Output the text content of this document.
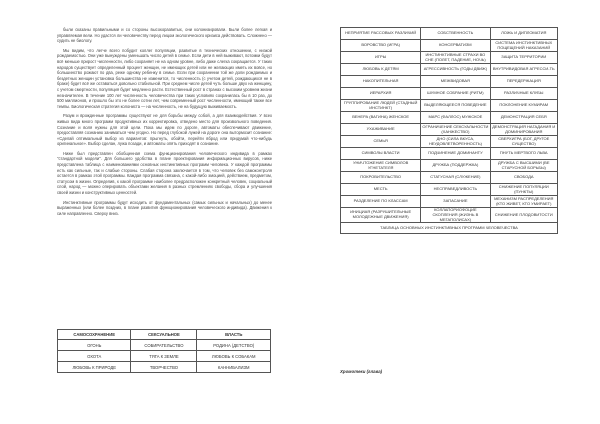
были сказаны правильными и со стороны высокоразвитых, они колонизировали. Были более легкая и управляемая вели. Но удастся ли человечеству перед лицом экологического кризиса действовать. Сложнено — судить не биологу.

Мы видим, что легче всего побудит коллег популяции, развитые в технических отношении, с низкой рождаемостью. Они уже вынуждены уменьшать число детей в семье. Если дети в ней выживают, потомки будут всё меньше прирост численности, либо сохраняет не на одном уровне, либо даже слегка сокращается. У таких народов существует определенный процент женщин, не имеющих детей или не желающих иметь их вовсе, но большинство рожают по два, реже одному ребенку в семье. Если при сохранении той же доли рождаемых и бездетных женщин установка большинства не изменится, то численность (с учетом детей, рождающихся не в браке) будет всё же оставаться довольно стабильной. При среднем числе детей чуть больше двух на женщину, с учетом смертности, популяция будет медленно расти. Естественный рост в странах с высоким уровнем жизни незначителен. В течение 100 лет численность человечества при таких условиях сохранилась бы в 10 раз, до 500 миллионов, и прошло бы это не более сотни лет, чем современный рост численности, имеющий также все темпы. Биологическая стратегия колониста — на численность, не на будущую выживаемость.

Разум и врожденные программы существуют не для борьбы между собой, а для взаимодействия. У всех живых вида много программ продуктивных их корректировка, отведено место для произвольного поведения. Сознание и воля нужны для этой цели. Пока мы идем по дороге, автоматы обеспечивают движение, предоставляя сознанию заниматься чем угодно. Но перед глубокой лужей на дороге она вытормозит сознание: «Сделай оптимальный выбор из вариантов: прыгнуть, обойти, перейти вброд или придумай что-нибудь оригинальное». Выбор сделан, лужа позади, и автоматы опять приходят в сознание.

Ниже был представлен обобщенная схема функционирования человеческого индивида в рамках "стандартной модели". Для большего удобства в плане проектирования информационных вирусов, ниже представлена таблица с наименованиями основных инстинктивных программ человека. У каждой программы есть как сильные, так и слабые стороны. Слабая сторона заключается в том, что человек без самоконтроля остается в рамках этой программы. Каждая программа связана, с какой-либо эмоцией, действием, предметом, статусом в жизни. Определив, к какой программе наиболее предрасположен конкретный человек, социальный слой, народ — можно оперировать объектами желания в разных стремлениях свободы, сбора и улучшения своей жизни и конструктивных ценностей.

Инстинктивные программы будут исходить от фундаментальных (самых сильных и начальных) до менее выраженных (или более поздних, в плане развития функционирования человеческого индивида). Движения к силе направленно. Cверху вниз.

САМОСОХРАНЕНИЕ	СЕКСУАЛЬНОЕ	ВЛАСТЬ
ОГОНЬ	СОБИРАТЕЛЬСТВО	РОДИНА (ДЕТСТВО)
ОХОТА	ТЯГА К ЗЕМЛЕ	ЛЮБОВЬ К СОБАКАМ
ЛЮБОВЬ К ПРИРОДЕ	ТВОРЧЕСТВО	КАННИБАЛИЗМ
НЕПРИЯТИЕ РАССОВЫХ РАЗЛИЧИЙ	СОБСТВЕННОСТЬ	ЛОЖЬ И ДИПЛОМАТИЯ
ВОРОВСТВО (ИГРА)	КОНСЕРВАТИЗМ	СИСТЕМА ИНСТИНКТИВНЫХ ПОЩЕЩЕНИЙ НАКАЗАНИЙ
ИГРЫ	ИНСТИНКТИВНЫЕ СТРАХИ ВО СНЕ (ПОЛЕТ, ПАДЕНИЕ, НОЧЬ)	ЗАЩИТА ТЕРРИТОРИИ
ЛЮБОВЬ К ДЕТЯМ	АГРЕССИВНОСТЬ (ГОДЫ ДВИЖ)	ВНУТРИВИДОВАЯ АГРЕССИ-ТЬ
НАКОПИТЕЛЬНАЯ	МЕЖВИДОВАЯ	ПЕРЕДЕРЖАЦИЯ
ИЕРАРХИЯ	ШУМНОЕ СОБРАНИЕ (РИТМ)	РАЗЛИЧНЫЕ КЛУБЫ
ГРУППИРОВАНИЕ ЛЮДЕЙ (СТАДНЫЙ ИНСТИНКТ)	ВЫДЕЛЯЮЩЕЕСЯ ПОВЕДЕНИЕ	ПОКЛОНЕНИЕ КУМИРАМ
ВЕНЕРА (ВАГИНА) ЖЕНСКОЕ	МАРС (ФАЛЛОС) МУЖСКОЕ	ДЕМОНСТРАЦИЯ СЕБЯ
УХАЖИВАНИЕ	ОГРАНИЧЕНИЕ СЕКСУАЛЬНОСТИ (ХАНЖЕСТВО)	ДЕМОНСТРАЦИЯ НАГАДАНИЯ И ДОМИНИРОВАНИЯ
СЕМЬЯ	ДНО (СИЛА ВКУСА, НЕУДОВЛЕТВОРЕННОСТЬ)	СВЕРХИГРА (БОГ, ДРУГОЕ СУЩЕСТВО)
СИМВОЛЫ ВЛАСТИ	ПОДЧИНЕНИЕ ДОМИНАНТУ	ПНУТЬ МЕРТВОГО ЛЬВА
УНИЧТОЖЕНИЕ СИМВОЛОВ УГНЕТАТЕЛЯ	ДРУЖБА (ПОДДЕРЖКА)	ДРУЖБА С ВЫСШИМИ (ВЕ СТАРУСНОЙ БОРЬБЫ)
ПОКРОВИТЕЛЬСТВО	СТАТУСНАЯ (СЛУЖЕНИЕ)	СВОБОДА
МЕСТЬ	НЕСПРАВЕДЛИВОСТЬ	СНИЖЕНИЕ ПОПУЛЯЦИИ (ПУНКТЫ)
РАЗДЕЛЕНИЕ ПО КЛАССАМ	ЗАПАСАНИЕ	МЕХАНИЗМ РАСПРЕДЕЛЕНИЯ (КТО ЖИВЕТ, КТО УМИРАЕТ)
ИНИЦИАЯ (РАЗРУШИТЕЛЬНЫЕ МОЛОДЕЖНЫЕ ДВИЖЕНИЯ)	КОЛЛАПОРИОФОЦИЕ СКОПЛЕНИЯ (ЖИЗНЬ В МЕГАПОЛИСАХ)	СНИЖЕНИЕ ПЛОДОВИТОСТИ
ТАБЛИЦА ОСНОВНЫХ ИНСТИНКТИВНЫХ ПРОГРАММ ЧЕЛОВЕЧЕСТВА		
Хромотеки (глава)
